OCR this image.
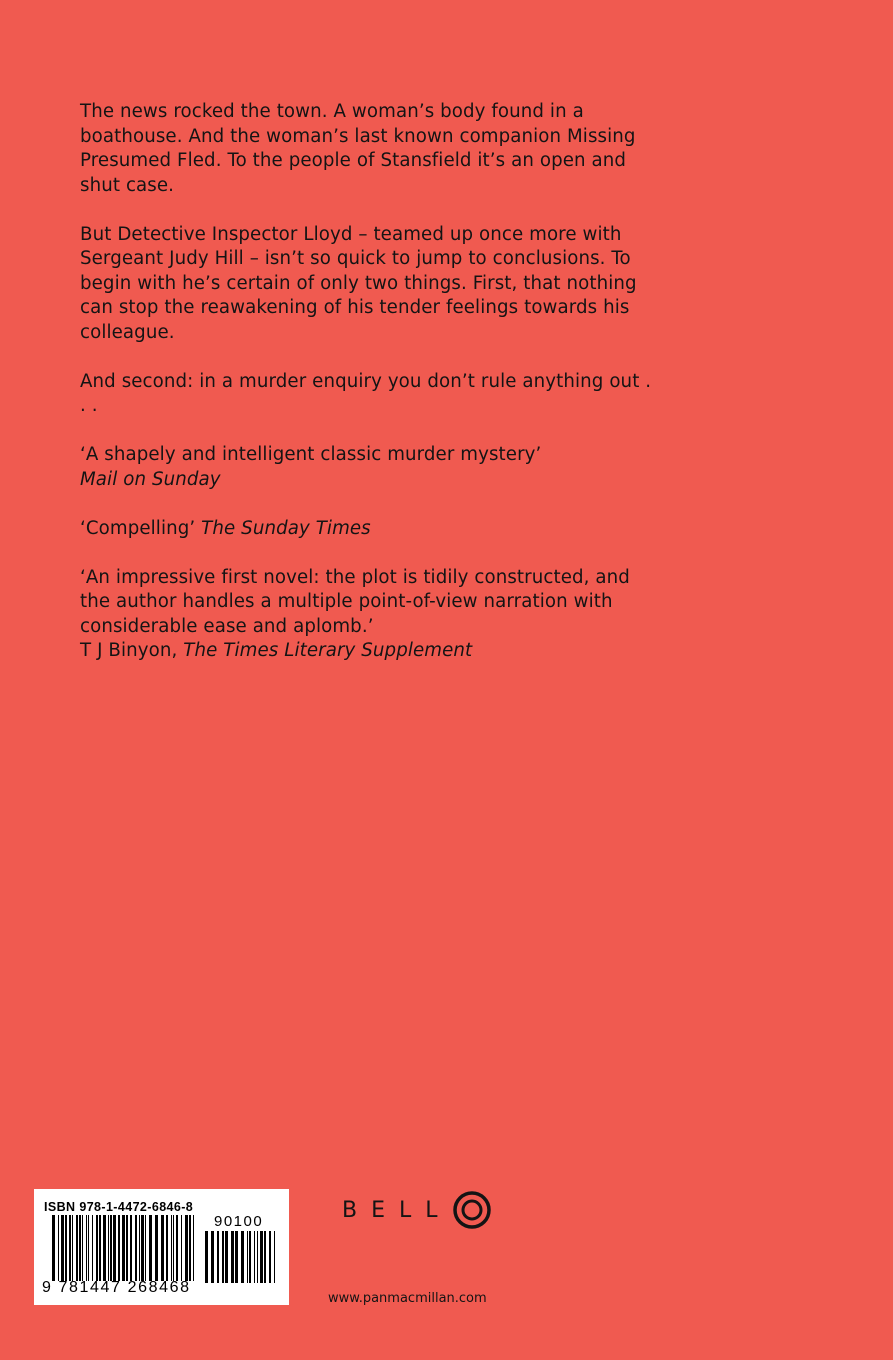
The news rocked the town. A woman’s body found in a boathouse. And the woman’s last known companion Missing Presumed Fled. To the people of Stansfield it’s an open and shut case.

But Detective Inspector Lloyd – teamed up once more with Sergeant Judy Hill – isn’t so quick to jump to conclusions. To begin with he’s certain of only two things. First, that nothing can stop the reawakening of his tender feelings towards his colleague.

And second: in a murder enquiry you don’t rule anything out . . .

‘A shapely and intelligent classic murder mystery’
Mail on Sunday

‘Compelling’ The Sunday Times

‘An impressive first novel: the plot is tidily constructed, and the author handles a multiple point-of-view narration with considerable ease and aplomb.’
T J Binyon, The Times Literary Supplement

ISBN 978-1-4472-6846-8
90100
9 781447 268468
BELL
www.panmacmillan.com
